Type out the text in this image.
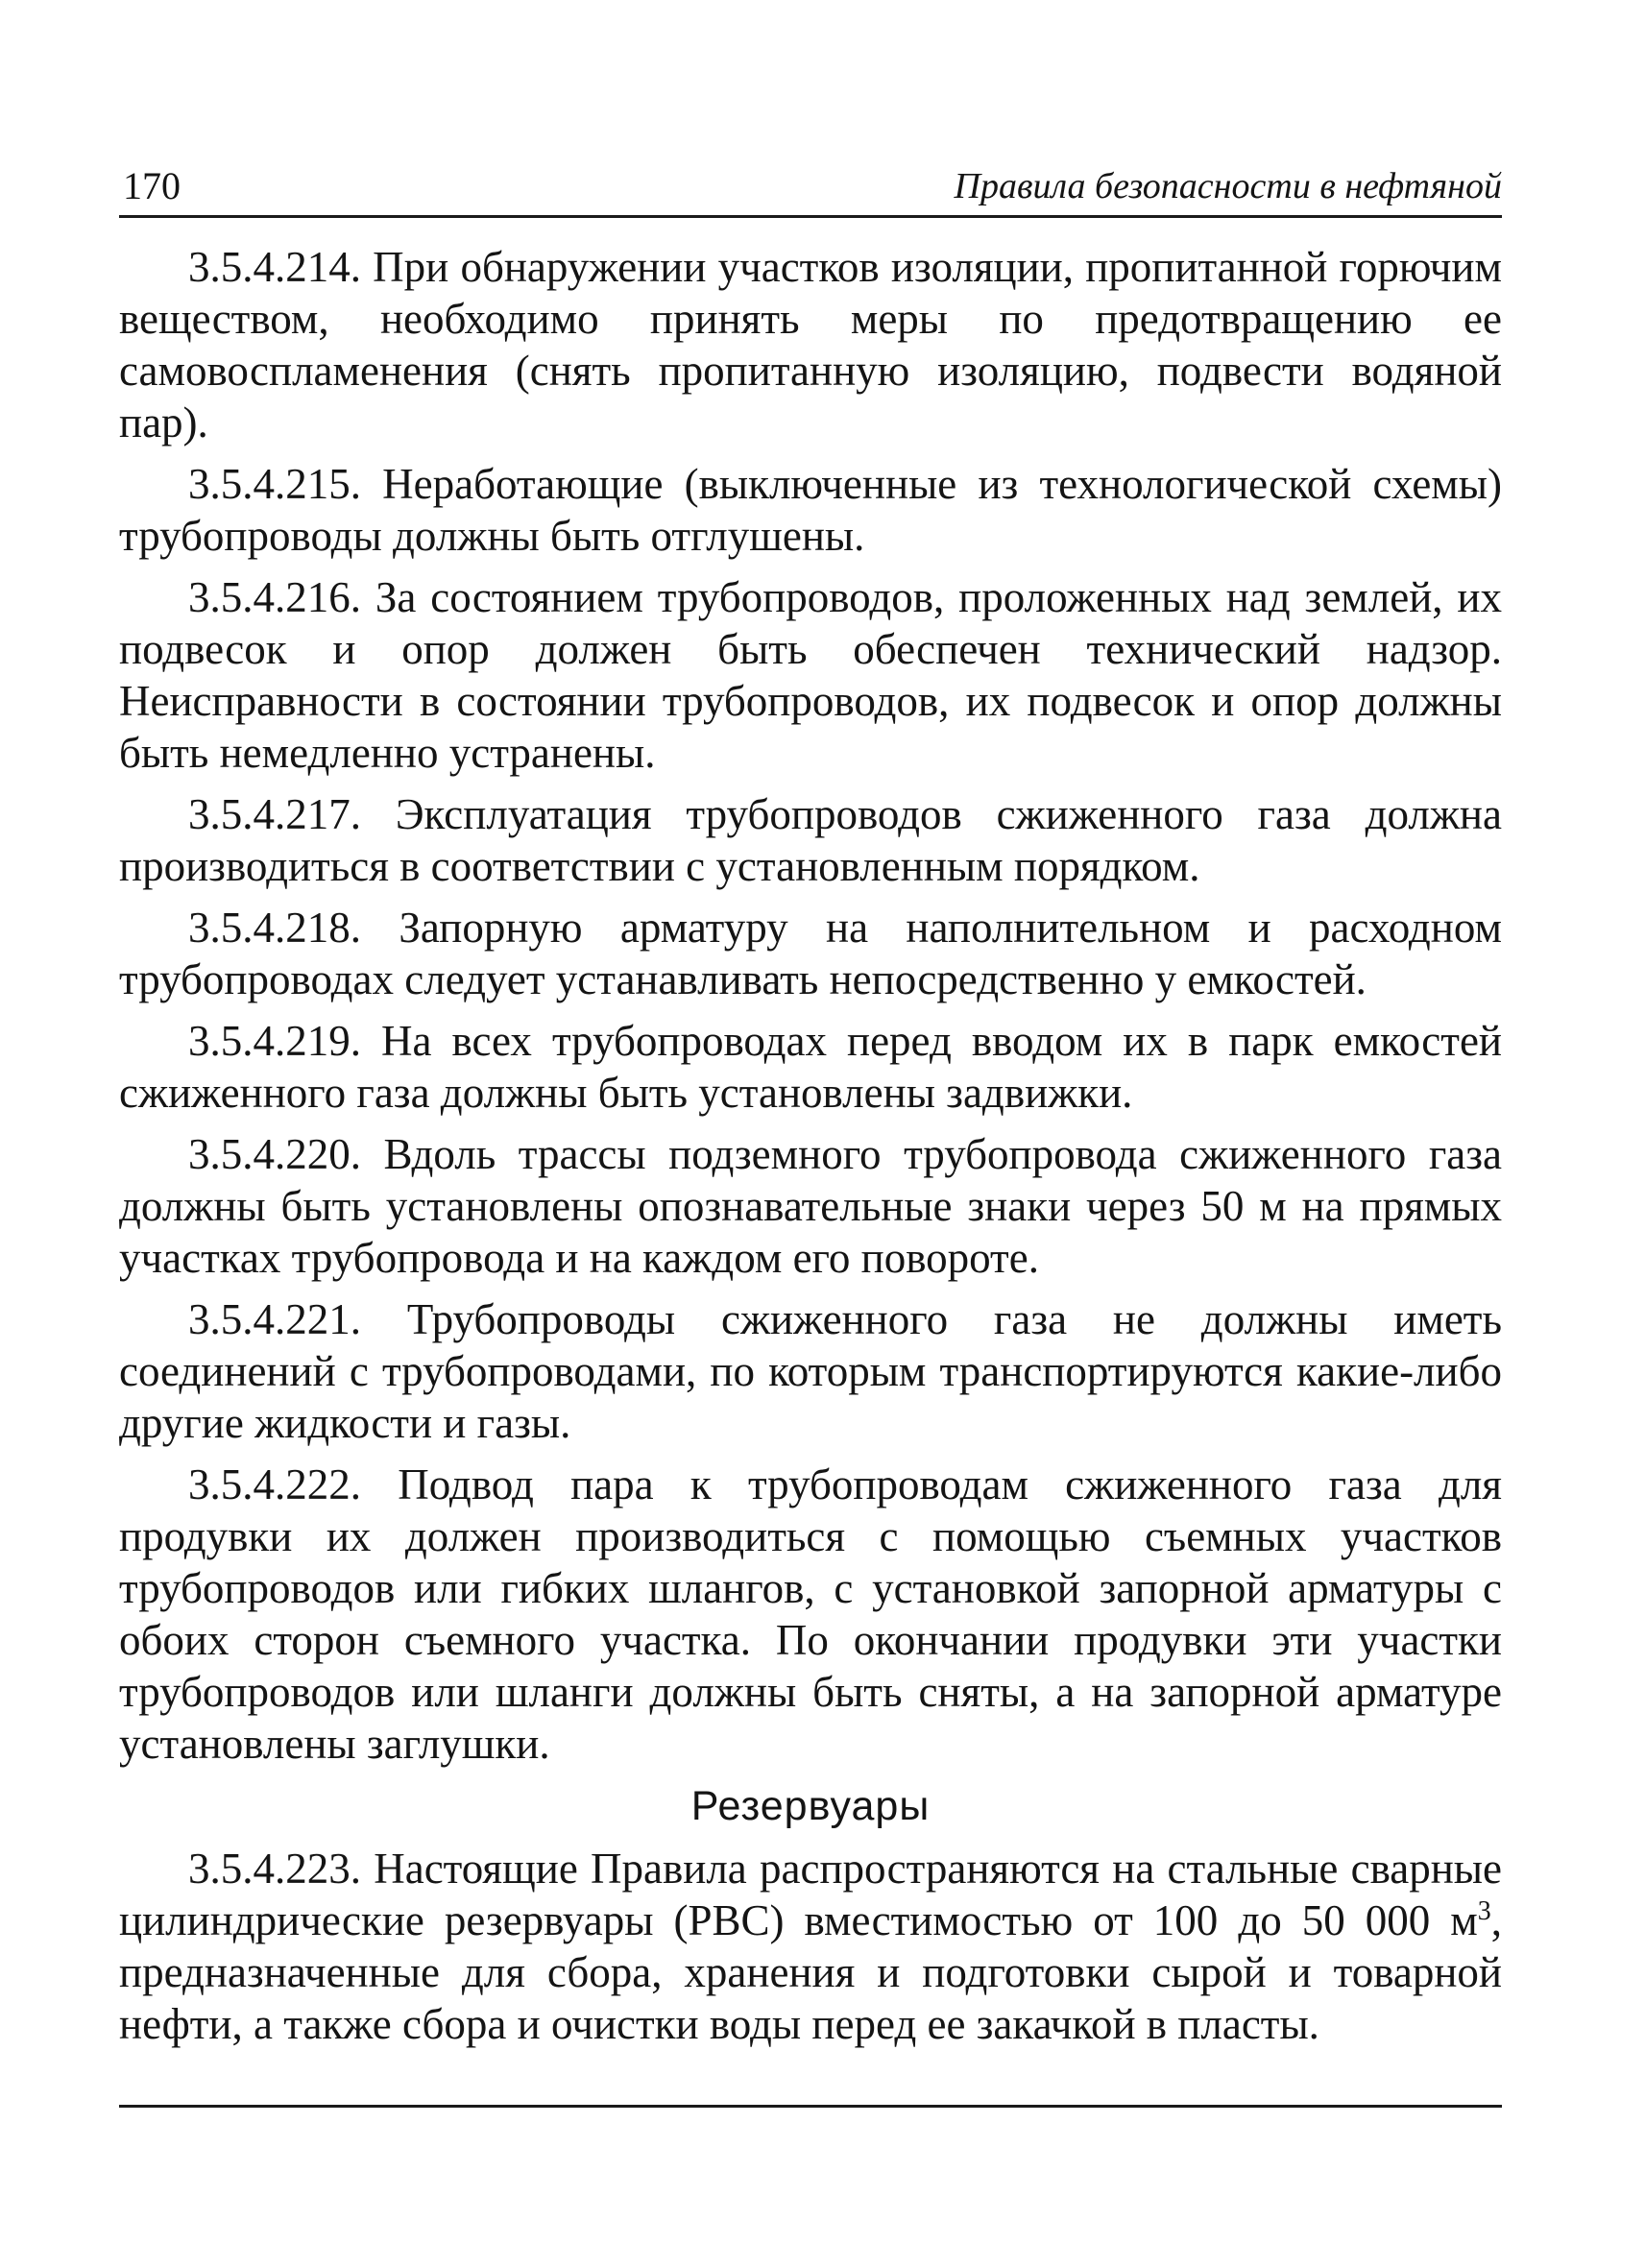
170	Правила безопасности в нефтяной

3.5.4.214. При обнаружении участков изоляции, пропитанной горючим веществом, необходимо принять меры по предотвращению ее самовоспламенения (снять пропитанную изоляцию, подвести водяной пар).

3.5.4.215. Неработающие (выключенные из технологической схемы) трубопроводы должны быть отглушены.

3.5.4.216. За состоянием трубопроводов, проложенных над землей, их подвесок и опор должен быть обеспечен технический надзор. Неисправности в состоянии трубопроводов, их подвесок и опор должны быть немедленно устранены.

3.5.4.217. Эксплуатация трубопроводов сжиженного газа должна производиться в соответствии с установленным порядком.

3.5.4.218. Запорную арматуру на наполнительном и расходном трубопроводах следует устанавливать непосредственно у емкостей.

3.5.4.219. На всех трубопроводах перед вводом их в парк емкостей сжиженного газа должны быть установлены задвижки.

3.5.4.220. Вдоль трассы подземного трубопровода сжиженного газа должны быть установлены опознавательные знаки через 50 м на прямых участках трубопровода и на каждом его повороте.

3.5.4.221. Трубопроводы сжиженного газа не должны иметь соединений с трубопроводами, по которым транспортируются какие-либо другие жидкости и газы.

3.5.4.222. Подвод пара к трубопроводам сжиженного газа для продувки их должен производиться с помощью съемных участков трубопроводов или гибких шлангов, с установкой запорной арматуры с обоих сторон съемного участка. По окончании продувки эти участки трубопроводов или шланги должны быть сняты, а на запорной арматуре установлены заглушки.

Резервуары

3.5.4.223. Настоящие Правила распространяются на стальные сварные цилиндрические резервуары (РВС) вместимостью от 100 до 50 000 $м^3$, предназначенные для сбора, хранения и подготовки сырой и товарной нефти, а также сбора и очистки воды перед ее закачкой в пласты.
